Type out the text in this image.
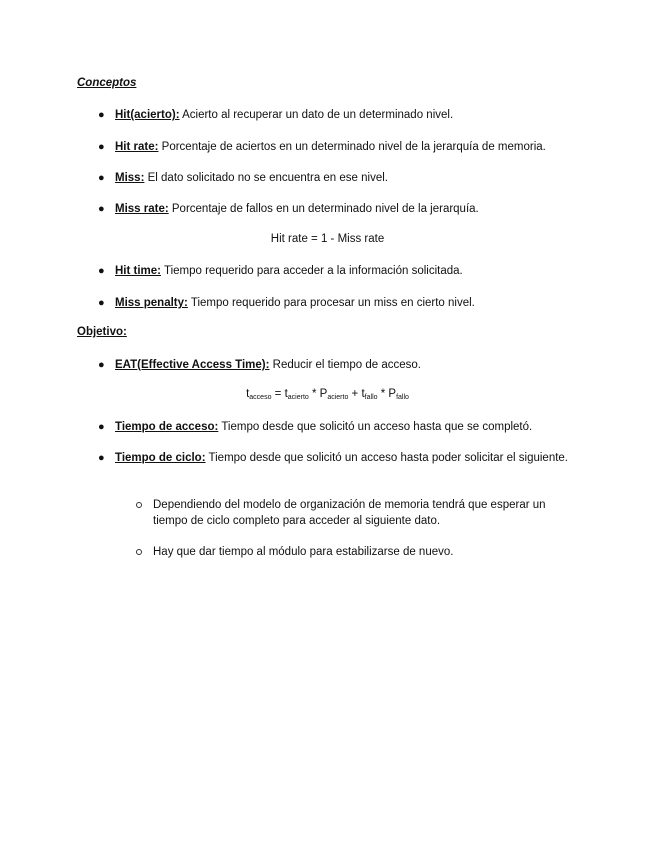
Conceptos
● Hit(acierto): Acierto al recuperar un dato de un determinado nivel.
● Hit rate: Porcentaje de aciertos en un determinado nivel de la jerarquía de memoria.
● Miss: El dato solicitado no se encuentra en ese nivel.
● Miss rate: Porcentaje de fallos en un determinado nivel de la jerarquía.
Hit rate = 1 - Miss rate
● Hit time: Tiempo requerido para acceder a la información solicitada.
● Miss penalty: Tiempo requerido para procesar un miss en cierto nivel.
Objetivo:
● EAT(Effective Access Time): Reducir el tiempo de acceso.
$t_{acceso} = t_{acierto} * P_{acierto} + t_{fallo} * P_{fallo}$
● Tiempo de acceso: Tiempo desde que solicitó un acceso hasta que se completó.
● Tiempo de ciclo: Tiempo desde que solicitó un acceso hasta poder solicitar el siguiente.
Dependiendo del modelo de organización de memoria tendrá que esperar un tiempo de ciclo completo para acceder al siguiente dato.
Hay que dar tiempo al módulo para estabilizarse de nuevo.
